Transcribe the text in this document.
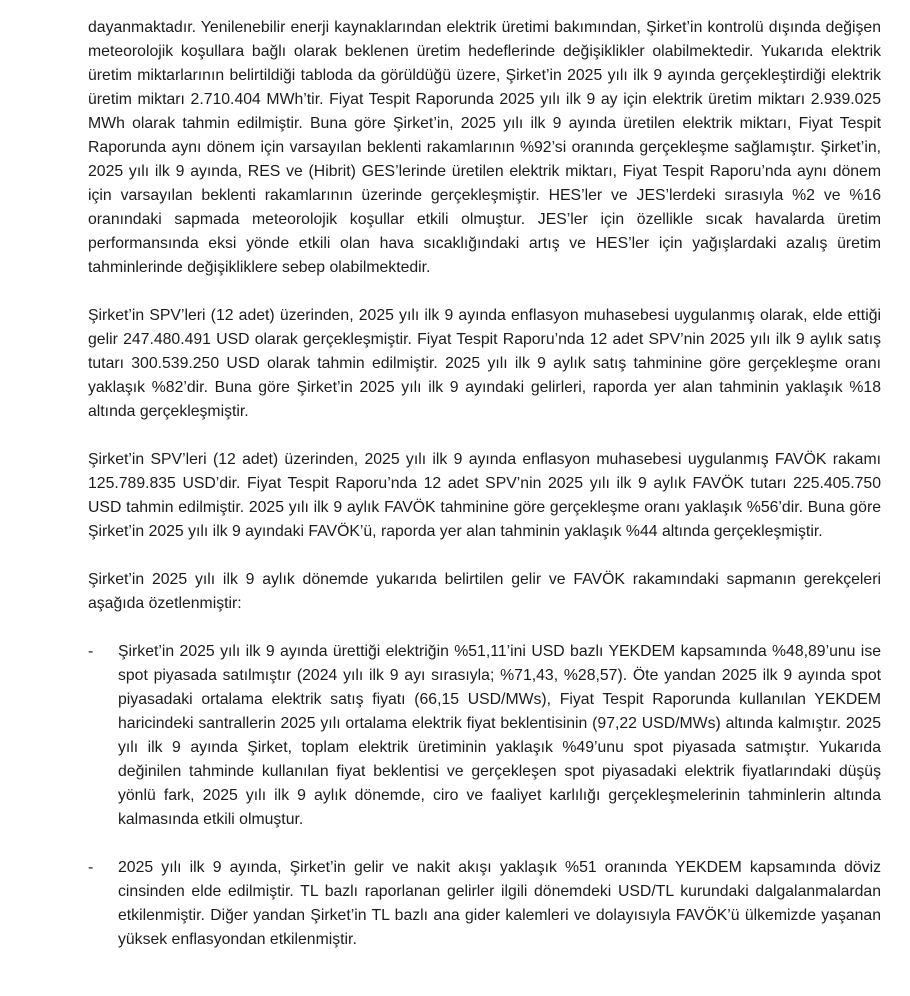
dayanmaktadır. Yenilenebilir enerji kaynaklarından elektrik üretimi bakımından, Şirket’in kontrolü dışında değişen meteorolojik koşullara bağlı olarak beklenen üretim hedeflerinde değişiklikler olabilmektedir. Yukarıda elektrik üretim miktarlarının belirtildiği tabloda da görüldüğü üzere, Şirket’in 2025 yılı ilk 9 ayında gerçekleştirdiği elektrik üretim miktarı 2.710.404 MWh’tir. Fiyat Tespit Raporunda 2025 yılı ilk 9 ay için elektrik üretim miktarı 2.939.025 MWh olarak tahmin edilmiştir. Buna göre Şirket’in, 2025 yılı ilk 9 ayında üretilen elektrik miktarı, Fiyat Tespit Raporunda aynı dönem için varsayılan beklenti rakamlarının %92’si oranında gerçekleşme sağlamıştır. Şirket’in, 2025 yılı ilk 9 ayında, RES ve (Hibrit) GES’lerinde üretilen elektrik miktarı, Fiyat Tespit Raporu’nda aynı dönem için varsayılan beklenti rakamlarının üzerinde gerçekleşmiştir. HES’ler ve JES’lerdeki sırasıyla %2 ve %16 oranındaki sapmada meteorolojik koşullar etkili olmuştur. JES’ler için özellikle sıcak havalarda üretim performansında eksi yönde etkili olan hava sıcaklığındaki artış ve HES’ler için yağışlardaki azalış üretim tahminlerinde değişikliklere sebep olabilmektedir.

Şirket’in SPV’leri (12 adet) üzerinden, 2025 yılı ilk 9 ayında enflasyon muhasebesi uygulanmış olarak, elde ettiği gelir 247.480.491 USD olarak gerçekleşmiştir. Fiyat Tespit Raporu’nda 12 adet SPV’nin 2025 yılı ilk 9 aylık satış tutarı 300.539.250 USD olarak tahmin edilmiştir. 2025 yılı ilk 9 aylık satış tahminine göre gerçekleşme oranı yaklaşık %82’dir. Buna göre Şirket’in 2025 yılı ilk 9 ayındaki gelirleri, raporda yer alan tahminin yaklaşık %18 altında gerçekleşmiştir.

Şirket’in SPV’leri (12 adet) üzerinden, 2025 yılı ilk 9 ayında enflasyon muhasebesi uygulanmış FAVÖK rakamı 125.789.835 USD’dir. Fiyat Tespit Raporu’nda 12 adet SPV’nin 2025 yılı ilk 9 aylık FAVÖK tutarı 225.405.750 USD tahmin edilmiştir. 2025 yılı ilk 9 aylık FAVÖK tahminine göre gerçekleşme oranı yaklaşık %56’dir. Buna göre Şirket’in 2025 yılı ilk 9 ayındaki FAVÖK’ü, raporda yer alan tahminin yaklaşık %44 altında gerçekleşmiştir.

Şirket’in 2025 yılı ilk 9 aylık dönemde yukarıda belirtilen gelir ve FAVÖK rakamındaki sapmanın gerekçeleri aşağıda özetlenmiştir:

-	Şirket’in 2025 yılı ilk 9 ayında ürettiği elektriğin %51,11’ini USD bazlı YEKDEM kapsamında %48,89’unu ise spot piyasada satılmıştır (2024 yılı ilk 9 ayı sırasıyla; %71,43, %28,57). Öte yandan 2025 ilk 9 ayında spot piyasadaki ortalama elektrik satış fiyatı (66,15 USD/MWs), Fiyat Tespit Raporunda kullanılan YEKDEM haricindeki santrallerin 2025 yılı ortalama elektrik fiyat beklentisinin (97,22 USD/MWs) altında kalmıştır. 2025 yılı ilk 9 ayında Şirket, toplam elektrik üretiminin yaklaşık %49’unu spot piyasada satmıştır. Yukarıda değinilen tahminde kullanılan fiyat beklentisi ve gerçekleşen spot piyasadaki elektrik fiyatlarındaki düşüş yönlü fark, 2025 yılı ilk 9 aylık dönemde, ciro ve faaliyet karlılığı gerçekleşmelerinin tahminlerin altında kalmasında etkili olmuştur.

-	2025 yılı ilk 9 ayında, Şirket’in gelir ve nakit akışı yaklaşık %51 oranında YEKDEM kapsamında döviz cinsinden elde edilmiştir. TL bazlı raporlanan gelirler ilgili dönemdeki USD/TL kurundaki dalgalanmalardan etkilenmiştir. Diğer yandan Şirket’in TL bazlı ana gider kalemleri ve dolayısıyla FAVÖK’ü ülkemizde yaşanan yüksek enflasyondan etkilenmiştir.
